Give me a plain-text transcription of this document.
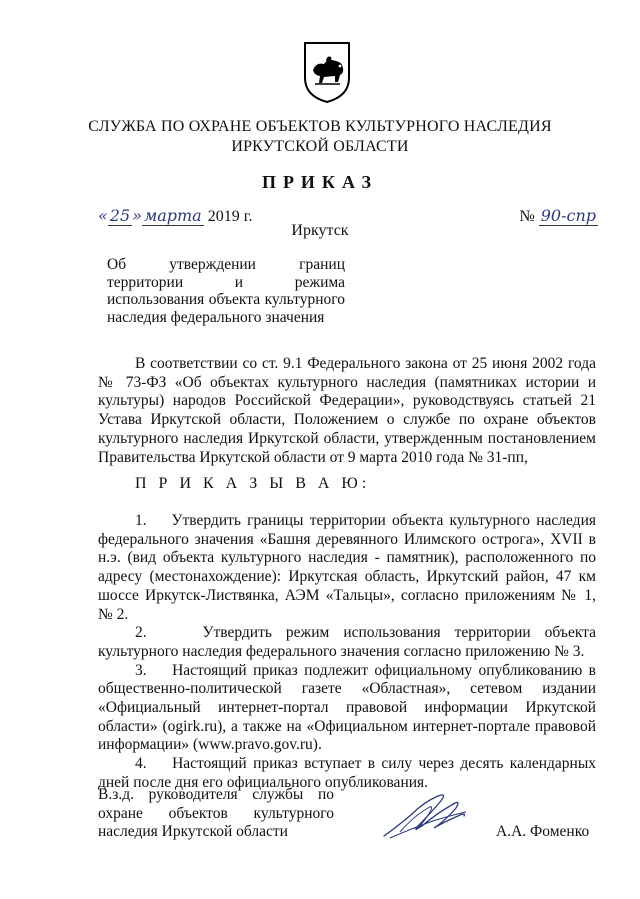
СЛУЖБА ПО ОХРАНЕ ОБЪЕКТОВ КУЛЬТУРНОГО НАСЛЕДИЯ
ИРКУТСКОЙ ОБЛАСТИ
ПРИКАЗ
« 25 » марта 2019 г.	№ 90-спр
Иркутск
Об утверждении границ территории и режима использования объекта культурного наследия федерального значения
В соответствии со ст. 9.1 Федерального закона от 25 июня 2002 года № 73-ФЗ «Об объектах культурного наследия (памятниках истории и культуры) народов Российской Федерации», руководствуясь статьей 21 Устава Иркутской области, Положением о службе по охране объектов культурного наследия Иркутской области, утвержденным постановлением Правительства Иркутской области от 9 марта 2010 года № 31-пп,
П Р И К А З Ы В А Ю:

1.    Утвердить границы территории объекта культурного наследия федерального значения «Башня деревянного Илимского острога», XVII в н.э. (вид объекта культурного наследия - памятник), расположенного по адресу (местонахождение): Иркутская область, Иркутский район, 47 км шоссе Иркутск-Листвянка, АЭМ «Тальцы», согласно приложениям № 1, № 2.

2.    Утвердить режим использования территории объекта культурного наследия федерального значения согласно приложению № 3.

3.    Настоящий приказ подлежит официальному опубликованию в общественно-политической газете «Областная», сетевом издании «Официальный интернет-портал правовой информации Иркутской области» (ogirk.ru), а также на «Официальном интернет-портале правовой информации» (www.pravo.gov.ru).

4.    Настоящий приказ вступает в силу через десять календарных дней после дня его официального опубликования.

В.з.д. руководителя службы по охране объектов культурного наследия Иркутской области	А.А. Фоменко
